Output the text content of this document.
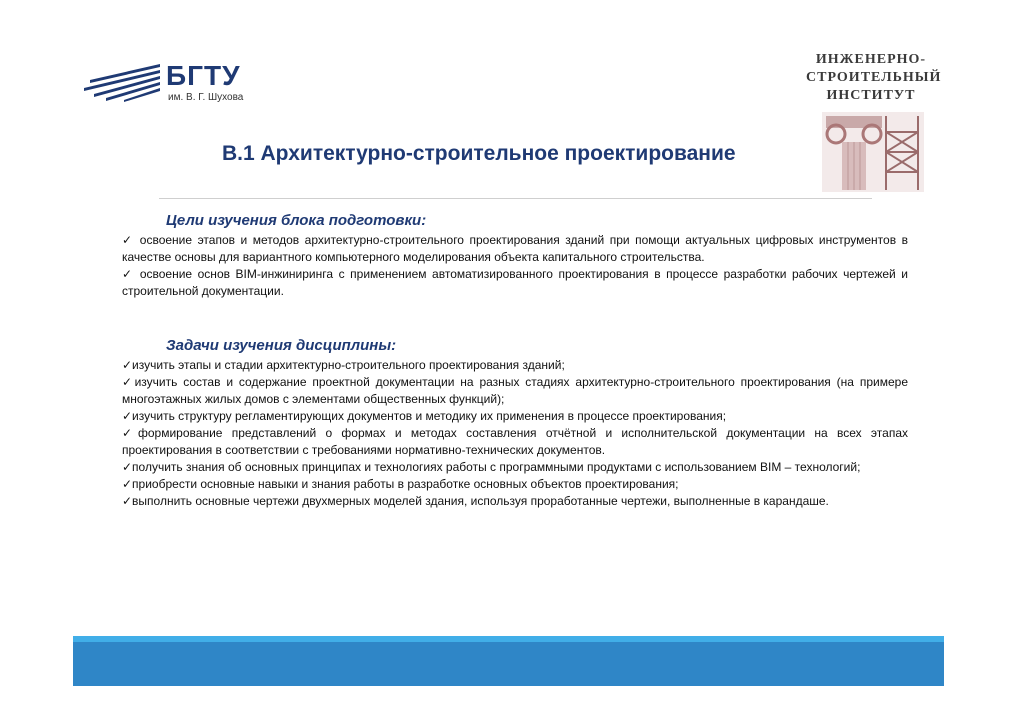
БГТУ
им. В. Г. Шухова
ИНЖЕНЕРНО-
СТРОИТЕЛЬНЫЙ
ИНСТИТУТ
В.1 Архитектурно-строительное проектирование
Цели изучения блока подготовки:

✓ освоение этапов и методов архитектурно-строительного проектирования зданий при помощи актуальных цифровых инструментов в качестве основы для вариантного компьютерного моделирования объекта капитального строительства.

✓ освоение основ BIM-инжиниринга с применением автоматизированного проектирования в процессе разработки рабочих чертежей и строительной документации.

Задачи изучения дисциплины:

✓изучить этапы и стадии архитектурно-строительного проектирования зданий;

✓изучить состав и содержание проектной документации на разных стадиях архитектурно-строительного проектирования (на примере многоэтажных жилых домов с элементами общественных функций);

✓изучить структуру регламентирующих документов и методику их применения в процессе проектирования;

✓формирование представлений о формах и методах составления отчётной и исполнительской документации на всех этапах проектирования в соответствии с требованиями нормативно-технических документов.

✓получить знания об основных принципах и технологиях работы с программными продуктами с использованием BIM – технологий;

✓приобрести основные навыки и знания работы в разработке основных объектов проектирования;

✓выполнить основные чертежи двухмерных моделей здания, используя проработанные чертежи, выполненные в карандаше.
